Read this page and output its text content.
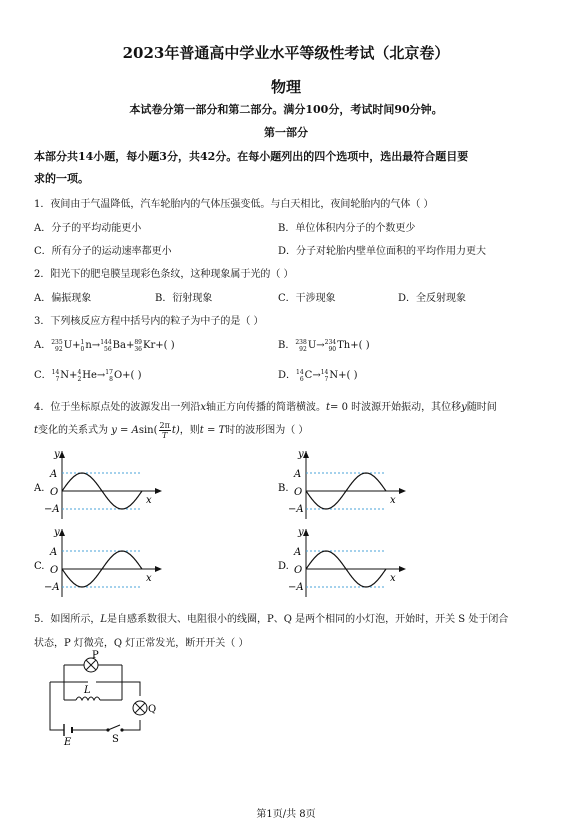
2023年普通高中学业水平等级性考试（北京卷）
物理
本试卷分第一部分和第二部分。满分100分，考试时间90分钟。
第一部分
本部分共14小题，每小题3分，共42分。在每小题列出的四个选项中，选出最符合题目要
求的一项。
1．夜间由于气温降低，汽车轮胎内的气体压强变低。与白天相比，夜间轮胎内的气体（ ）
A．分子的平均动能更小	B．单位体积内分子的个数更少
C．所有分子的运动速率都更小	D．分子对轮胎内壁单位面积的平均作用力更大
2．阳光下的肥皂膜呈现彩色条纹，这种现象属于光的（ ）
A．偏振现象	B．衍射现象	C．干涉现象	D．全反射现象
3．下列核反应方程中括号内的粒子为中子的是（ ）
A． 235
92 U+ 1
0 n→ 144
56 Ba+ 89
36 Kr+( )	B． 238
92 U→ 234
90 Th+( )
C． 14
7 N+ 4
2 He→ 17
8 O+( )	D． 14
6 C→ 14
7 N+( )
4．位于坐标原点处的波源发出一列沿x轴正方向传播的简谐横波。t= 0 时波源开始振动，其位移y随时间
t变化的关系式为 $y = Asin( \frac{2\pi}{T} t)$，则t = T时的波形图为（ ）
A.
y
x
A
O
−A
B.
y
x
A
O
−A
C.
y
x
A
O
−A
D.
y
x
A
O
−A
5．如图所示，L是自感系数很大、电阻很小的线圈，P、Q 是两个相同的小灯泡，开始时，开关 S 处于闭合
状态，P 灯微亮，Q 灯正常发光，断开开关（ ）
P
L
Q
E	S
第1页/共 8页
